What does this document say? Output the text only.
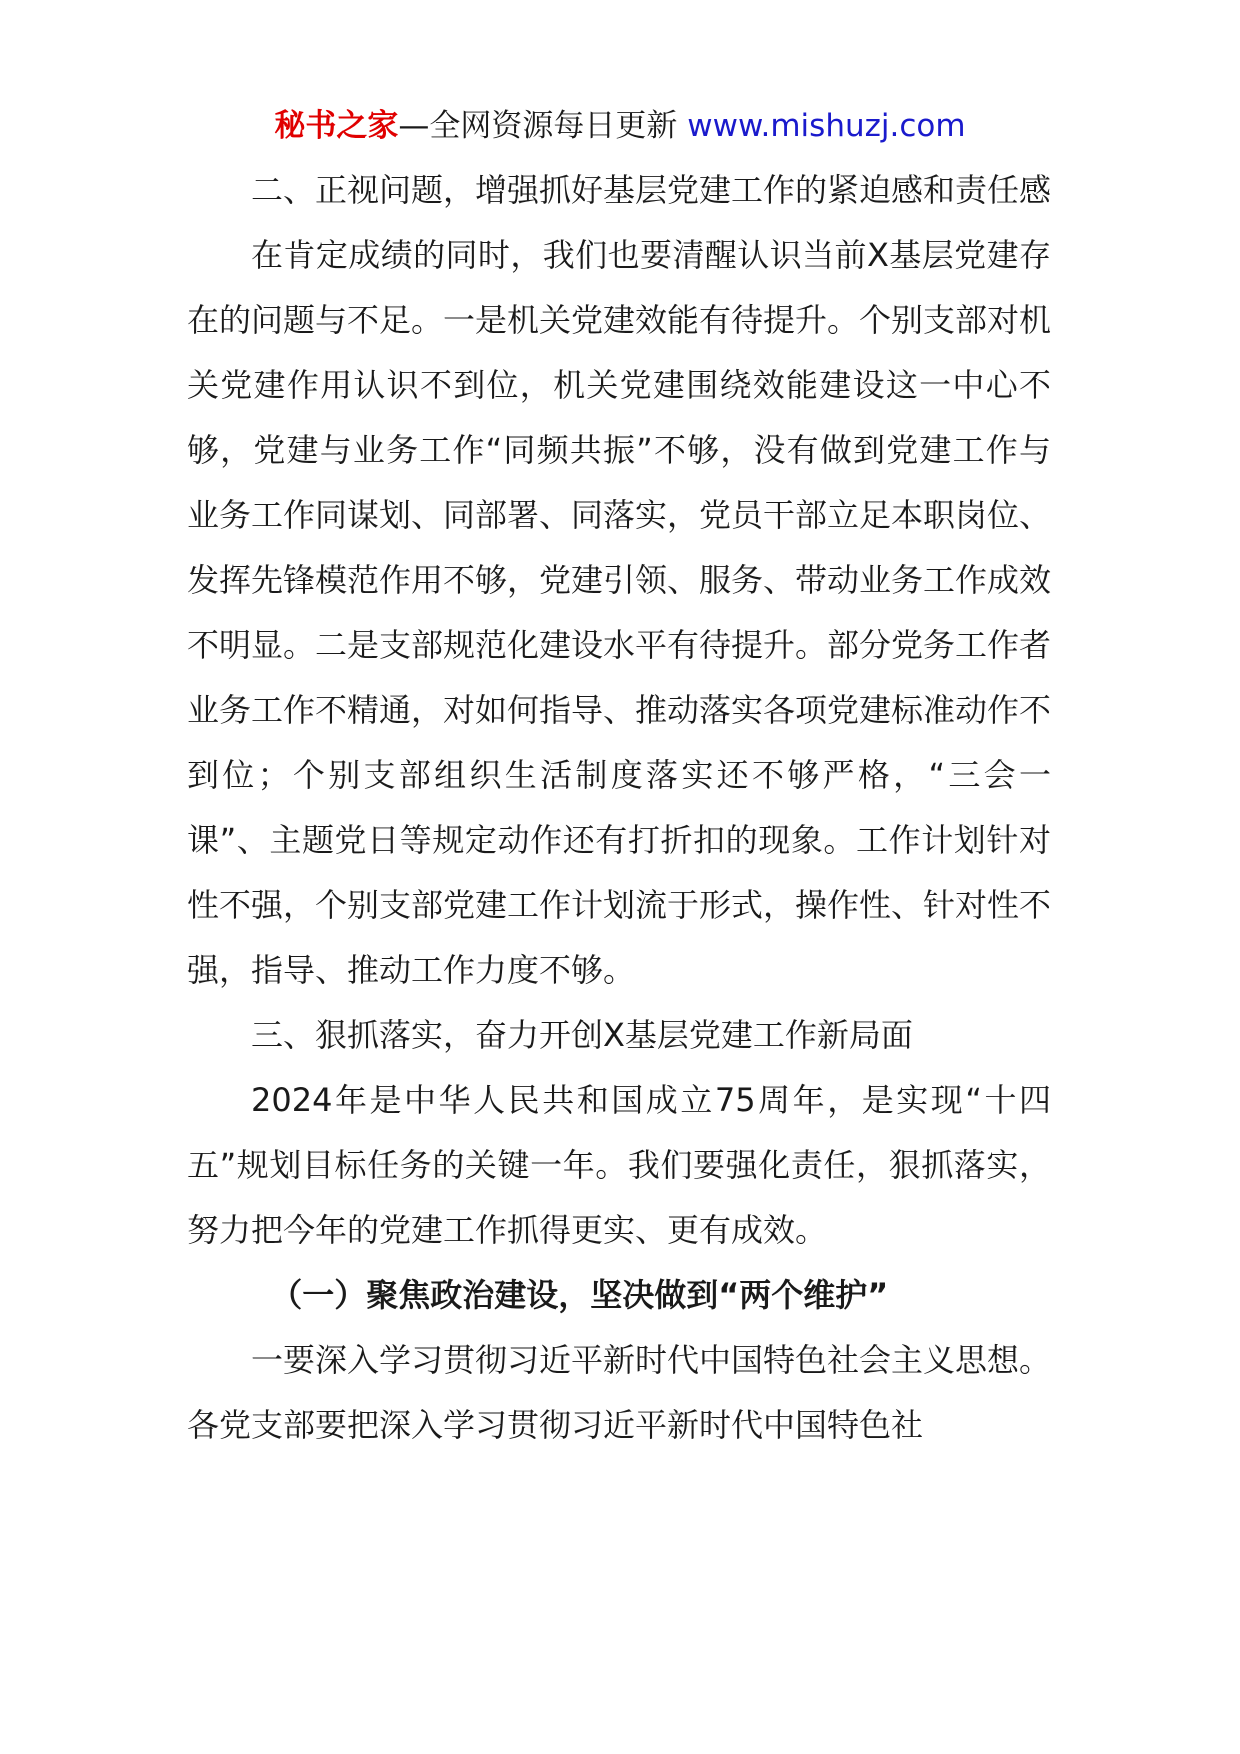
秘书之家—全网资源每日更新 www.mishuzj.com

二、正视问题，增强抓好基层党建工作的紧迫感和责任感

在肯定成绩的同时，我们也要清醒认识当前X基层党建存在的问题与不足。一是机关党建效能有待提升。个别支部对机关党建作用认识不到位，机关党建围绕效能建设这一中心不够，党建与业务工作“同频共振”不够，没有做到党建工作与业务工作同谋划、同部署、同落实，党员干部立足本职岗位、发挥先锋模范作用不够，党建引领、服务、带动业务工作成效不明显。二是支部规范化建设水平有待提升。部分党务工作者业务工作不精通，对如何指导、推动落实各项党建标准动作不到位；个别支部组织生活制度落实还不够严格，“三会一课”、主题党日等规定动作还有打折扣的现象。工作计划针对性不强，个别支部党建工作计划流于形式，操作性、针对性不强，指导、推动工作力度不够。

三、狠抓落实，奋力开创X基层党建工作新局面

2024年是中华人民共和国成立75周年，是实现“十四五”规划目标任务的关键一年。我们要强化责任，狠抓落实，努力把今年的党建工作抓得更实、更有成效。

（一）聚焦政治建设，坚决做到“两个维护”

一要深入学习贯彻习近平新时代中国特色社会主义思想。各党支部要把深入学习贯彻习近平新时代中国特色社
